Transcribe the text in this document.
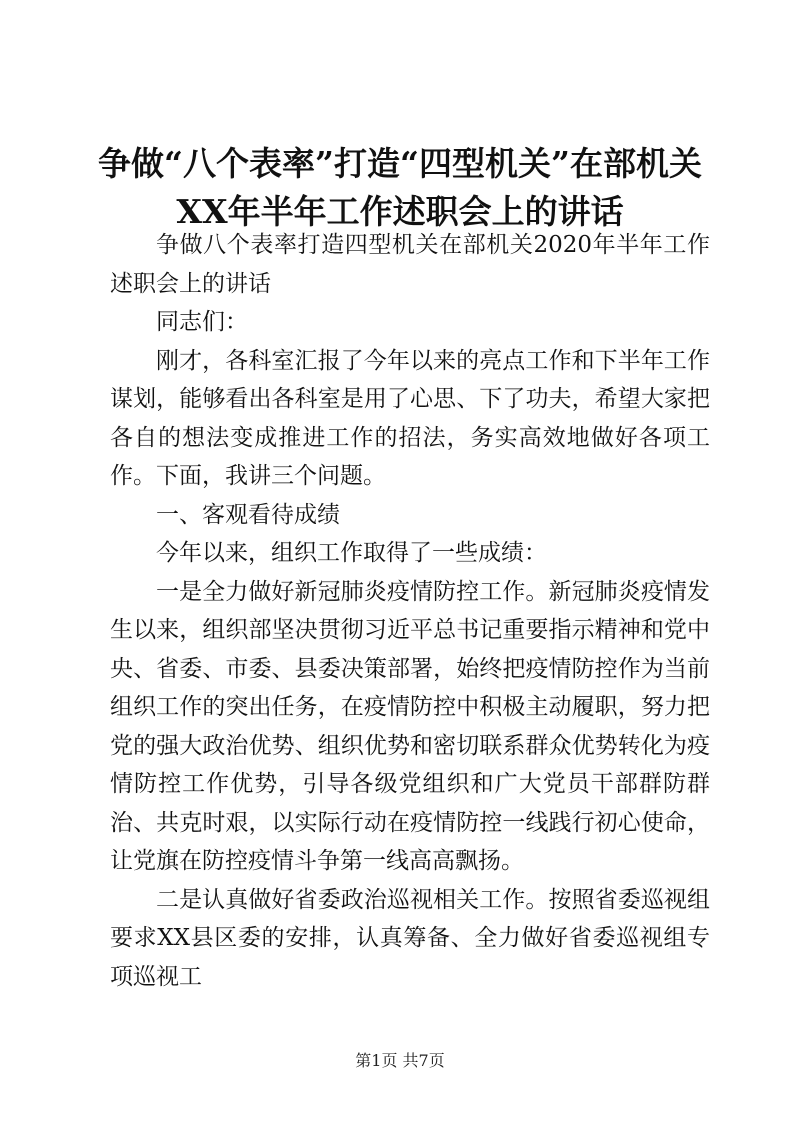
争做“八个表率”打造“四型机关”在部机关
XX年半年工作述职会上的讲话

争做八个表率打造四型机关在部机关2020年半年工作述职会上的讲话

同志们：

刚才，各科室汇报了今年以来的亮点工作和下半年工作谋划，能够看出各科室是用了心思、下了功夫，希望大家把各自的想法变成推进工作的招法，务实高效地做好各项工作。下面，我讲三个问题。

一、客观看待成绩

今年以来，组织工作取得了一些成绩：

一是全力做好新冠肺炎疫情防控工作。新冠肺炎疫情发生以来，组织部坚决贯彻习近平总书记重要指示精神和党中央、省委、市委、县委决策部署，始终把疫情防控作为当前组织工作的突出任务，在疫情防控中积极主动履职，努力把党的强大政治优势、组织优势和密切联系群众优势转化为疫情防控工作优势，引导各级党组织和广大党员干部群防群治、共克时艰，以实际行动在疫情防控一线践行初心使命，让党旗在防控疫情斗争第一线高高飘扬。

二是认真做好省委政治巡视相关工作。按照省委巡视组要求XX县区委的安排，认真筹备、全力做好省委巡视组专项巡视工

第1页 共7页
